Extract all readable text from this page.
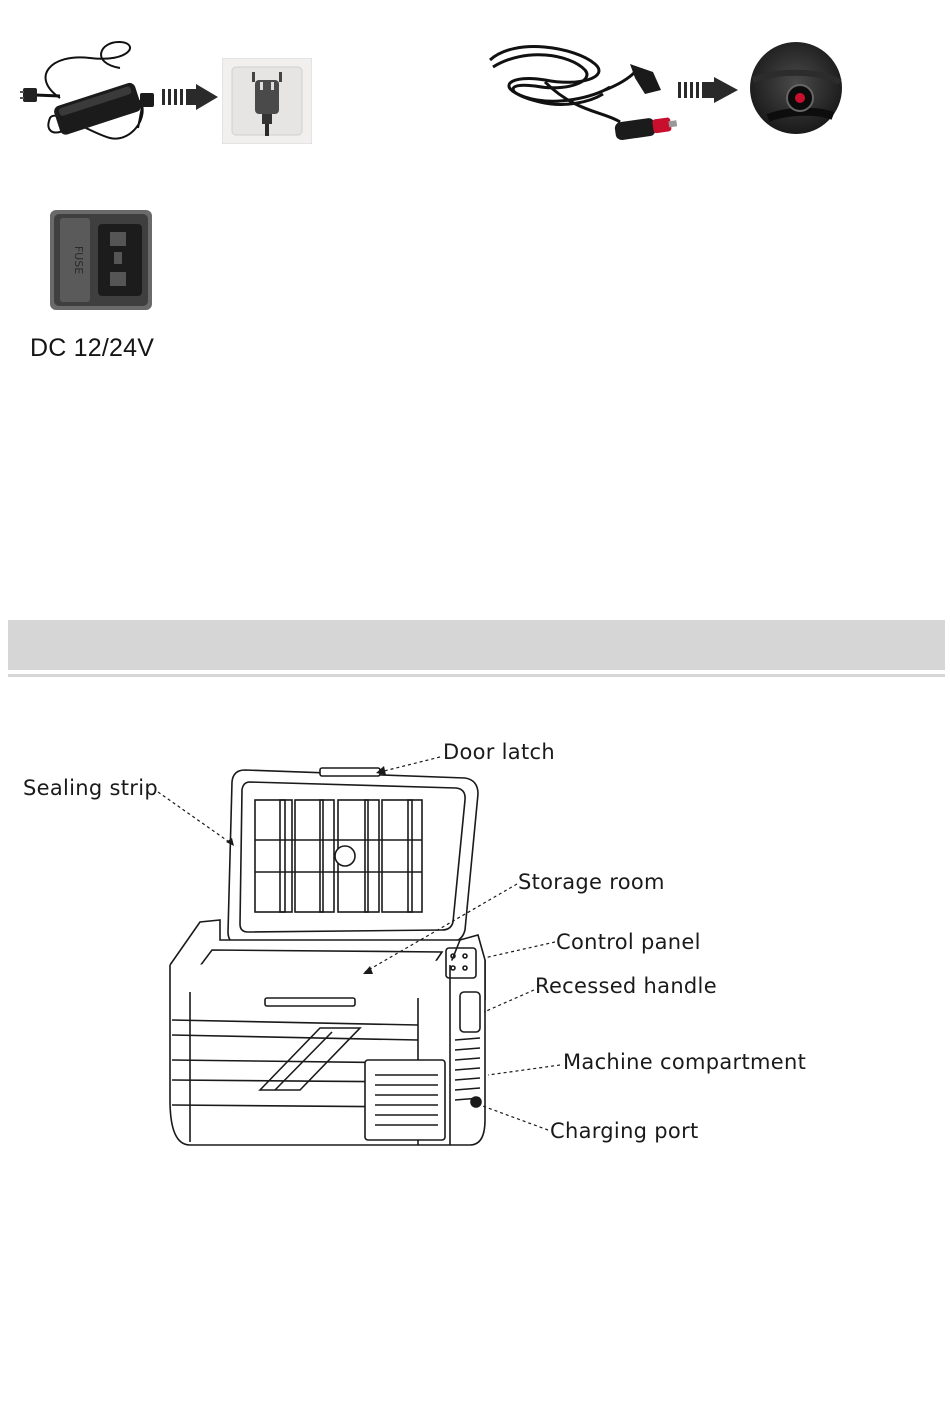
FUSE
DC 12/24V
Door latch
Sealing strip
Storage room
Control panel
Recessed handle
Machine compartment
Charging port
